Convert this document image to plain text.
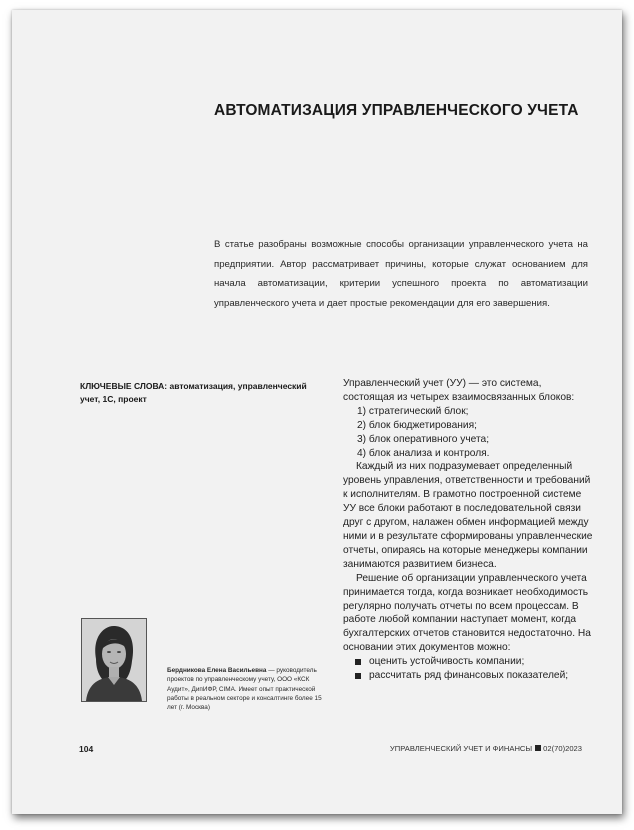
АВТОМАТИЗАЦИЯ УПРАВЛЕНЧЕСКОГО УЧЕТА
В статье разобраны возможные способы организации управленческого учета на предприятии. Автор рассматривает причины, которые служат основанием для начала автоматизации, критерии успешного проекта по автоматизации управленческого учета и дает простые рекомендации для его завершения.
КЛЮЧЕВЫЕ СЛОВА: автоматизация, управленческий учет, 1С, проект

Управленческий учет (УУ) — это система, состоящая из четырех взаимосвязанных блоков:

1) стратегический блок;

2) блок бюджетирования;

3) блок оперативного учета;

4) блок анализа и контроля.

Каждый из них подразумевает определенный уровень управления, ответственности и требований к исполнителям. В грамотно построенной системе УУ все блоки работают в последовательной связи друг с другом, налажен обмен информацией между ними и в результате сформированы управленческие отчеты, опираясь на которые менеджеры компании занимаются развитием бизнеса.

Решение об организации управленческого учета принимается тогда, когда возникает необходимость регулярно получать отчеты по всем процессам. В работе любой компании наступает момент, когда бухгалтерских отчетов становится недостаточно. На основании этих документов можно:

оценить устойчивость компании;

рассчитать ряд финансовых показателей;

Бердникова Елена Васильевна — руководитель проектов по управленческому учету, ООО «КСК Аудит», ДипИФР, CIMA. Имеет опыт практической работы в реальном секторе и консалтинге более 15 лет (г. Москва)
104	УПРАВЛЕНЧЕСКИЙ УЧЕТ И ФИНАНСЫ 02(70)2023
